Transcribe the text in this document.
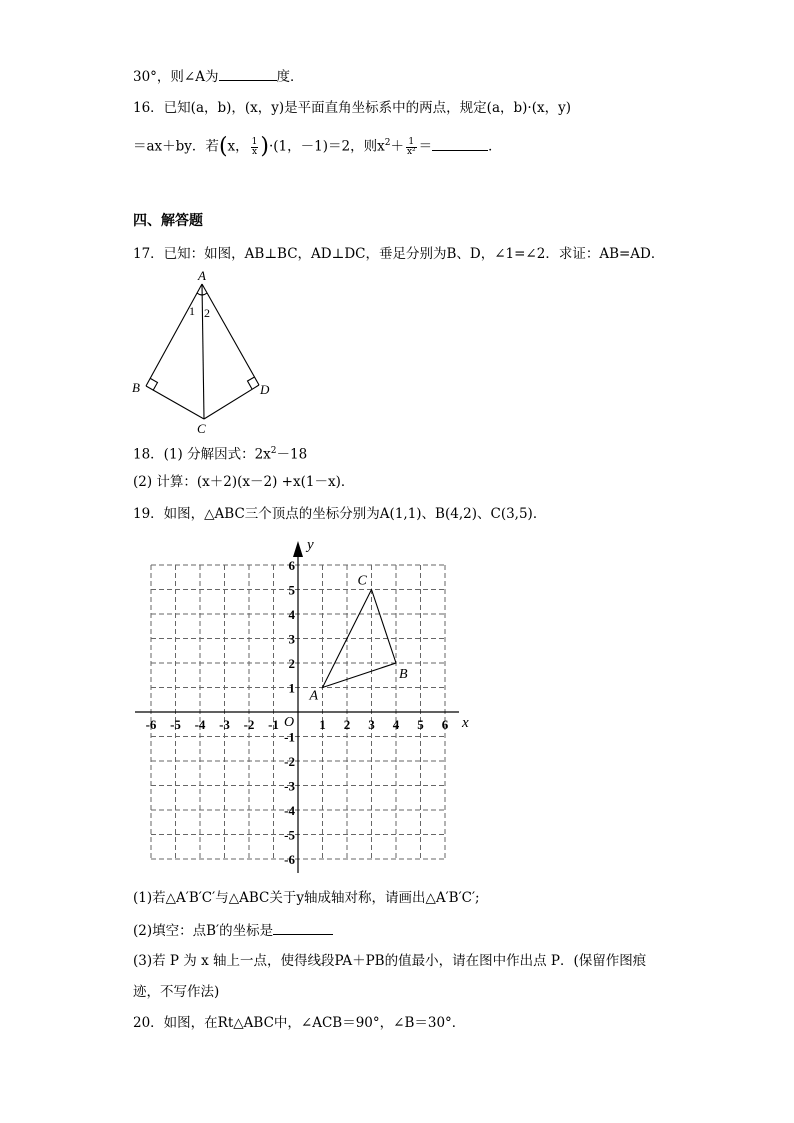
30°，则∠A为	度．
16．已知(a，b)，(x，y)是平面直角坐标系中的两点，规定(a，b)·(x，y)
＝ax＋by．若(x， $\frac{1}{x} )\cdot(1$，－1)＝2，则$x^2+ \frac{1}{\text{x²}}$ ＝	．
四、解答题
17．已知：如图，AB⊥BC，AD⊥DC，垂足分别为B、D，∠1=∠2．求证：AB=AD．
A
B
C
D
1 2
18．(1) 分解因式：$2x^2-18$
(2) 计算：(x＋2)(x－2) +x(1－x)．
19．如图，△ABC三个顶点的坐标分别为A(1,1)、B(4,2)、C(3,5)．
x
y
O
-6 -5 -4 -3 -2 -1	1 2 3 4 5 6
6
5
4
3
2
1
-1
-2
-3
-4
-5
-6
A
B
C
(1)若△A′B′C′与△ABC关于y轴成轴对称，请画出△A′B′C′;
(2)填空：点B′的坐标是
(3)若 P 为 x 轴上一点，使得线段PA＋PB的值最小，请在图中作出点 P．(保留作图痕
迹，不写作法)
20．如图，在Rt△ABC中，∠ACB＝90°，∠B＝30°．
